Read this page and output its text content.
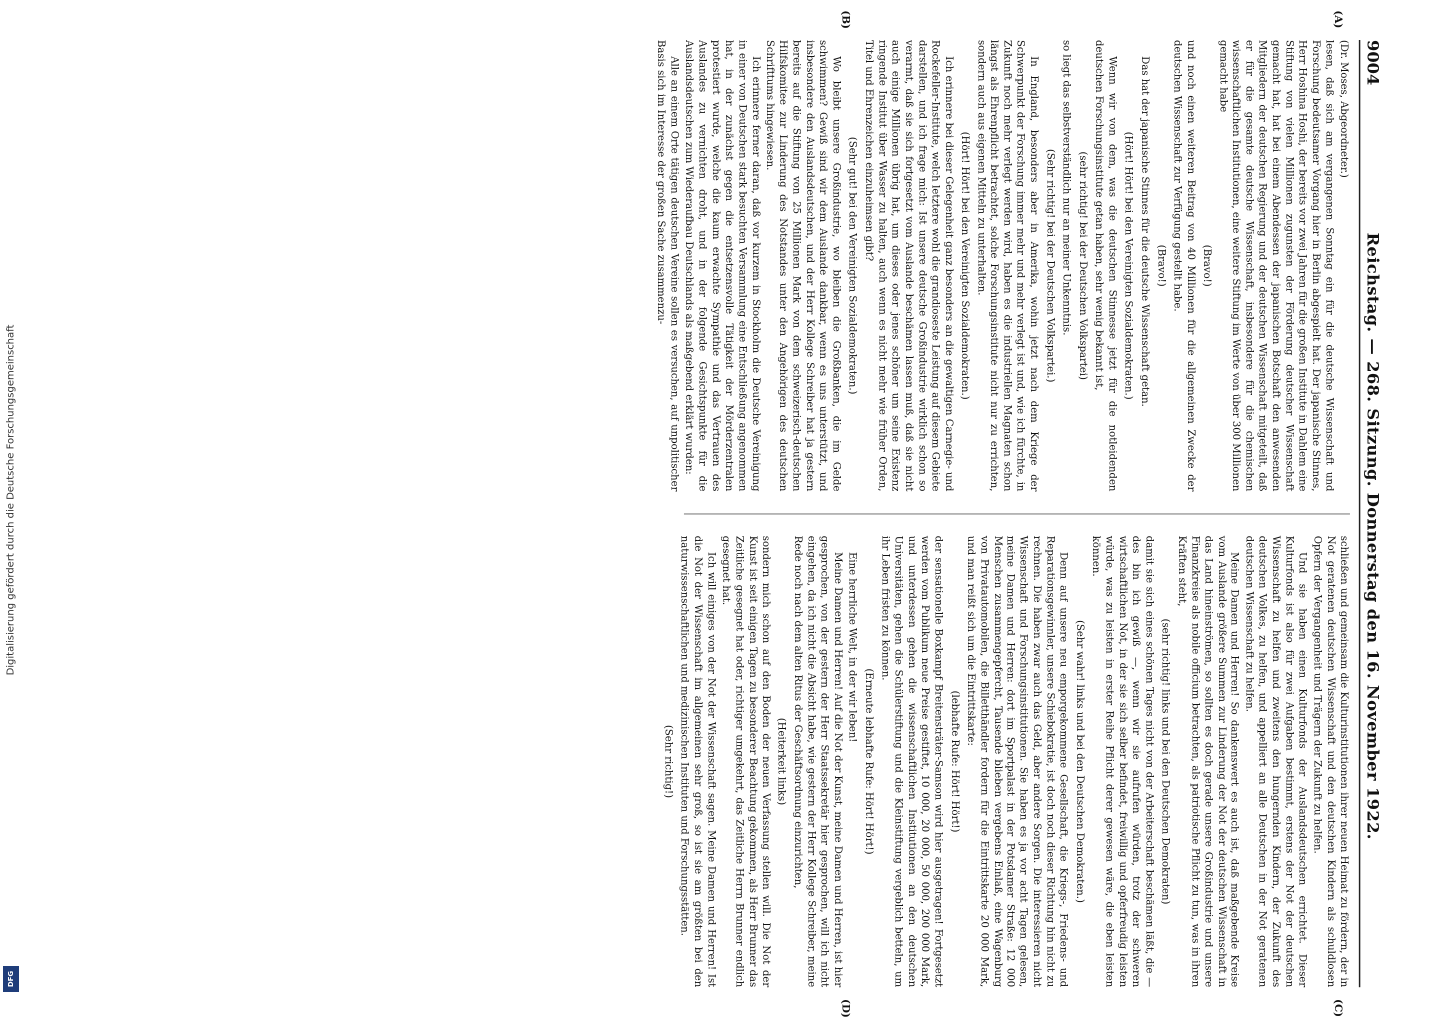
Digitalisierung gefördert durch die Deutsche Forschungsgemeinschaft
DFG
9004
Reichstag. — 268. Sitzung. Donnerstag den 16. November 1922.
(A)
(B)
(C)
(D)

(Dr. Moses, Abgeordneter.)

lesen, daß sich am vergangenen Sonntag ein für die deutsche Wissenschaft und Forschung bedeutsamer Vorgang hier in Berlin abgespielt hat. Der japanische Stinnes, Herr Hoshina Hoshi, der bereits vor zwei Jahren für die großen Institute in Dahlem eine Stiftung von vielen Millionen zugunsten der Förderung deutscher Wissenschaft gemacht hat, hat bei einem Abendessen der japanischen Botschaft den anwesenden Mitgliedern der deutschen Regierung und der deutschen Wissenschaft mitgeteilt, daß er für die gesamte deutsche Wissenschaft, insbesondere für die chemischen wissenschaftlichen Institutionen, eine weitere Stiftung im Werte von über 300 Millionen gemacht habe

(Bravo!)

und noch einen weiteren Beitrag von 40 Millionen für die allgemeinen Zwecke der deutschen Wissenschaft zur Verfügung gestellt habe.

(Bravo!)

Das hat der japanische Stinnes für die deutsche Wissenschaft getan.

(Hört! Hört! bei den Vereinigten Sozialdemokraten.)

Wenn wir von dem, was die deutschen Stinnesse jetzt für die notleidenden deutschen Forschungsinstitute getan haben, sehr wenig bekannt ist,

(sehr richtig! bei der Deutschen Volkspartei)

so liegt das selbstverständlich nur an meiner Unkenntnis.

(Sehr richtig! bei der Deutschen Volkspartei.)

In England, besonders aber in Amerika, wohin jetzt nach dem Kriege der Schwerpunkt der Forschung immer mehr und mehr verlegt ist und, wie ich fürchte, in Zukunft noch mehr verlegt werden wird, haben es die industriellen Magnaten schon längst als Ehrenpflicht betrachtet, solche Forschungsinstitute nicht nur zu errichten, sondern auch aus eigenen Mitteln zu unterhalten.

(Hört! Hört! bei den Vereinigten Sozialdemokraten.)

Ich erinnere bei dieser Gelegenheit ganz besonders an die gewaltigen Carnegie- und Rockefeller-Institute, welch letztere wohl die grandioseste Leistung auf diesem Gebiete darstellen, und ich frage mich: Ist unsere deutsche Großindustrie wirklich schon so verarmt, daß sie sich fortgesetzt vom Auslande beschämen lassen muß, daß sie nicht auch einige Millionen übrig hat, um dieses oder jenes schöner um seine Existenz ringende Institut über Wasser zu halten, auch wenn es nicht mehr wie früher Orden, Titel und Ehrenzeichen einzuheimsen gibt?

(Sehr gut! bei den Vereinigten Sozialdemokraten.)

Wo bleibt unsere Großindustrie, wo bleiben die Großbanken, die im Gelde schwimmen? Gewiß sind wir dem Auslande dankbar, wenn es uns unterstützt, und insbesondere den Auslandsdeutschen, und der Herr Kollege Schreiber hat ja gestern bereits auf die Stiftung von 25 Millionen Mark von dem schweizerisch-deutschen Hilfskomitee zur Linderung des Notstandes unter den Angehörigen des deutschen Schrifttums hingewiesen.

Ich erinnere ferner daran, daß vor kurzem in Stockholm die Deutsche Vereinigung in einer von Deutschen stark besuchten Versammlung eine Entschließung angenommen hat, in der zunächst gegen die entsetzensvolle Tätigkeit der Mörderzentralen protestiert wurde, welche die kaum erwachte Sympathie und das Vertrauen des Auslandes zu vernichten droht, und in der folgende Gesichtspunkte für die Auslandsdeutschen zum Wiederaufbau Deutschlands als maßgebend erklärt wurden:

Alle an einem Orte tätigen deutschen Vereine sollen es versuchen, auf unpolitischer Basis sich im Interesse der großen Sache zusammenzu-

schließen und gemeinsam die Kulturinstitutionen ihrer neuen Heimat zu fördern, der in Not geratenen deutschen Wissenschaft und den deutschen Kindern als schuldlosen Opfern der Vergangenheit und Trägern der Zukunft zu helfen.

Und sie haben einen Kulturfonds der Auslandsdeutschen errichtet. Dieser Kulturfonds ist also für zwei Aufgaben bestimmt, erstens der Not der deutschen Wissenschaft zu helfen und zweitens den hungernden Kindern, der Zukunft des deutschen Volkes, zu helfen, und appelliert an alle Deutschen in der Not geratenen deutschen Wissenschaft zu helfen.

Meine Damen und Herren! So dankenswert es auch ist, daß maßgebende Kreise vom Auslande größere Summen zur Linderung der Not der deutschen Wissenschaft in das Land hineinströmen, so sollten es doch gerade unsere Großindustrie und unsere Finanzkreise als nobile officium betrachten, als patriotische Pflicht zu tun, was in ihren Kräften steht,

(sehr richtig! links und bei den Deutschen Demokraten)

damit sie sich eines schönen Tages nicht von der Arbeiterschaft beschämen läßt, die — des bin ich gewiß —, wenn wir sie aufrufen würden, trotz der schweren wirtschaftlichen Not, in der sie sich selber befindet, freiwillig und opferfreudig leisten würde, was zu leisten in erster Reihe Pflicht derer gewesen wäre, die eben leisten können.

(Sehr wahr! links und bei den Deutschen Demokraten.)

Denn auf unsere neu emporgekommene Gesellschaft, die Kriegs-, Friedens- und Reparationsgewinnler, unsere Schiebokratie, ist doch noch dieser Richtung hin nicht zu rechnen. Die haben zwar auch das Geld, aber andere Sorgen. Die interessieren nicht Wissenschaft und Forschungsinstitutionen. Sie haben es ja vor acht Tagen gelesen, meine Damen und Herren: dort im Sportpalast in der Potsdamer Straße: 12 000 Menschen zusammengepfercht, Tausende blieben vergebens Einlaß, eine Wagenburg von Privatautomobilen, die Billetthändler fordern für die Eintrittskarte 20 000 Mark, und man reißt sich um die Eintrittskarte:

(lebhafte Rufe: Hört! Hört!)

der sensationelle Boxkampf Breitensträter-Samson wird hier ausgetragen! Fortgesetzt werden vom Publikum neue Preise gestiftet, 10 000, 20 000, 50 000, 200 000 Mark, und unterdessen gehen die wissenschaftlichen Institutionen an den deutschen Universitäten, gehen die Schülerstiftung und die Kleinstiftung vergeblich betteln, um ihr Leben fristen zu können.

(Erneute lebhafte Rufe: Hört! Hört!)

Eine herrliche Welt, in der wir leben!

Meine Damen und Herren! Auf die Not der Kunst, meine Damen und Herren, ist hier gesprochen, von der gestern der Herr Staatssekretär hier gesprochen, will ich nicht eingehen, da ich nicht die Absicht habe, wie gestern der Herr Kollege Schreiber, meine Rede noch nach dem alten Ritus der Geschäftsordnung einzurichten,

(Heiterkeit links)

sondern mich schon auf den Boden der neuen Verfassung stellen will. Die Not der Kunst ist seit einigen Tagen zu besonderer Beachtung gekommen, als Herr Brunner das Zeitliche gesegnet hat oder, richtiger umgekehrt, das Zeitliche Herrn Brunner endlich gesegnet hat.

Ich will einiges von der Not der Wissenschaft sagen. Meine Damen und Herren! Ist die Not der Wissenschaft im allgemeinen sehr groß, so ist sie am größten bei den naturwissenschaftlichen und medizinischen Instituten und Forschungsstätten.

(Sehr richtig!)
